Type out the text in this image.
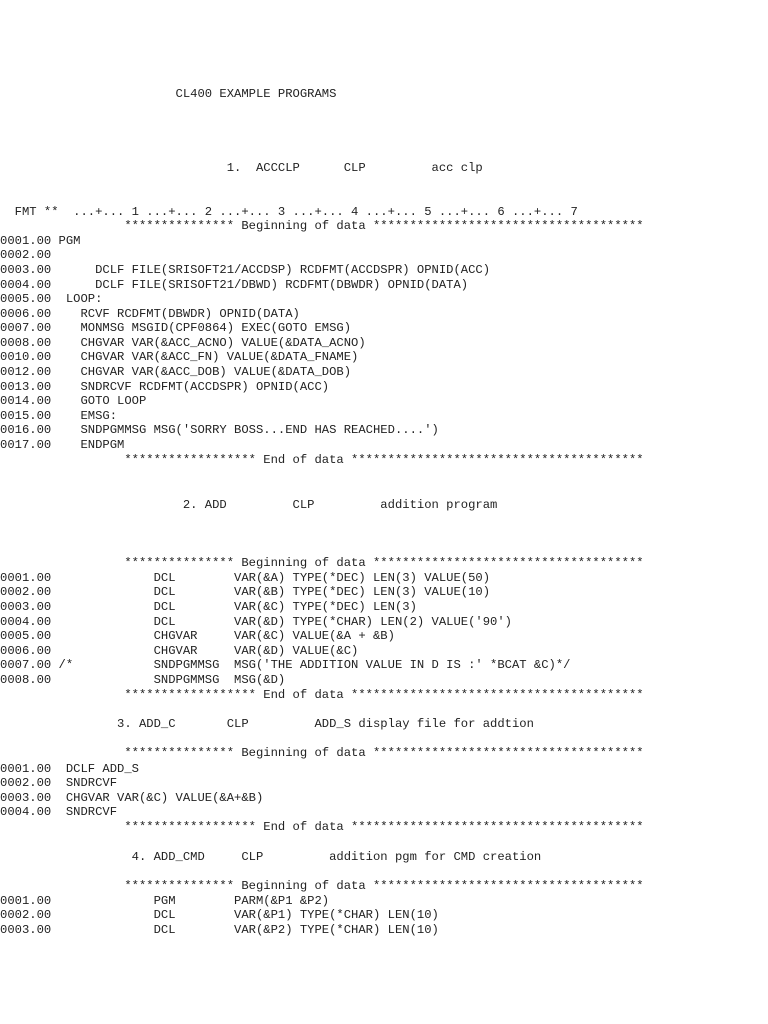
CL400 EXAMPLE PROGRAMS
1.  ACCCLP      CLP         acc clp
FMT **  ...+... 1 ...+... 2 ...+... 3 ...+... 4 ...+... 5 ...+... 6 ...+... 7
*************** Beginning of data *************************************
0001.00 PGM
0002.00
0003.00      DCLF FILE(SRISOFT21/ACCDSP) RCDFMT(ACCDSPR) OPNID(ACC)
0004.00      DCLF FILE(SRISOFT21/DBWD) RCDFMT(DBWDR) OPNID(DATA)
0005.00  LOOP:
0006.00    RCVF RCDFMT(DBWDR) OPNID(DATA)
0007.00    MONMSG MSGID(CPF0864) EXEC(GOTO EMSG)
0008.00    CHGVAR VAR(&ACC_ACNO) VALUE(&DATA_ACNO)
0010.00    CHGVAR VAR(&ACC_FN) VALUE(&DATA_FNAME)
0012.00    CHGVAR VAR(&ACC_DOB) VALUE(&DATA_DOB)
0013.00    SNDRCVF RCDFMT(ACCDSPR) OPNID(ACC)
0014.00    GOTO LOOP
0015.00    EMSG:
0016.00    SNDPGMMSG MSG('SORRY BOSS...END HAS REACHED....')
0017.00    ENDPGM
****************** End of data ****************************************
2. ADD         CLP         addition program
*************** Beginning of data *************************************
0001.00              DCL        VAR(&A) TYPE(*DEC) LEN(3) VALUE(50)
0002.00              DCL        VAR(&B) TYPE(*DEC) LEN(3) VALUE(10)
0003.00              DCL        VAR(&C) TYPE(*DEC) LEN(3)
0004.00              DCL        VAR(&D) TYPE(*CHAR) LEN(2) VALUE('90')
0005.00              CHGVAR     VAR(&C) VALUE(&A + &B)
0006.00              CHGVAR     VAR(&D) VALUE(&C)
0007.00 /*           SNDPGMMSG  MSG('THE ADDITION VALUE IN D IS :' *BCAT &C)*/
0008.00              SNDPGMMSG  MSG(&D)
****************** End of data ****************************************
3. ADD_C       CLP         ADD_S display file for addtion
*************** Beginning of data *************************************
0001.00  DCLF ADD_S
0002.00  SNDRCVF
0003.00  CHGVAR VAR(&C) VALUE(&A+&B)
0004.00  SNDRCVF
****************** End of data ****************************************
4. ADD_CMD     CLP         addition pgm for CMD creation
*************** Beginning of data *************************************
0001.00              PGM        PARM(&P1 &P2)
0002.00              DCL        VAR(&P1) TYPE(*CHAR) LEN(10)
0003.00              DCL        VAR(&P2) TYPE(*CHAR) LEN(10)
